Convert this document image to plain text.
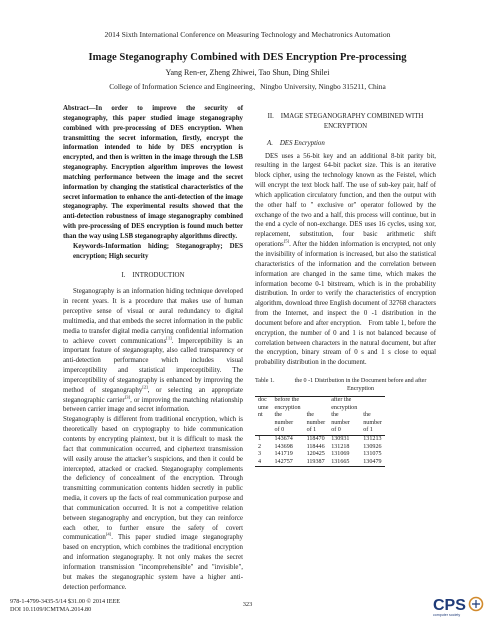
2014 Sixth International Conference on Measuring Technology and Mechatronics Automation
Image Steganography Combined with DES Encryption Pre-processing
Yang Ren-er, Zheng Zhiwei, Tao Shun, Ding Shilei
College of Information Science and Engineering、Ningbo University, Ningbo 315211, China

Abstract—In order to improve the security of steganography, this paper studied image steganography combined with pre-processing of DES encryption. When transmitting the secret information, firstly, encrypt the information intended to hide by DES encryption is encrypted, and then is written in the image through the LSB steganography. Encryption algorithm improves the lowest matching performance between the image and the secret information by changing the statistical characteristics of the secret information to enhance the anti-detection of the image steganography. The experimental results showed that the anti-detection robustness of image steganography combined with pre-processing of DES encryption is found much better than the way using LSB steganography algorithms directly.

Keywords-Information hiding; Steganography; DES encryption; High security

I. INTRODUCTION

Steganography is an information hiding technique developed in recent years. It is a procedure that makes use of human perceptive sense of visual or aural redundancy to digital multimedia, and that embeds the secret information in the public media to transfer digital media carrying confidential information to achieve covert communications[1]. Imperceptibility is an important feature of steganography, also called transparency or anti-detection performance which includes visual imperceptibility and statistical imperceptibility. The imperceptibility of steganography is enhanced by improving the method of steganography[2], or selecting an appropriate steganographic carrier[3], or improving the matching relationship between carrier image and secret information.

Steganography is different from traditional encryption, which is theoretically based on cryptography to hide communication contents by encrypting plaintext, but it is difficult to mask the fact that communication occurred, and ciphertext transmission will easily arouse the attacker’s suspicions, and then it could be intercepted, attacked or cracked. Steganography complements the deficiency of concealment of the encryption. Through transmitting communication contents hidden secretly in public media, it covers up the facts of real communication purpose and that communication occurred. It is not a competitive relation between steganography and encryption, but they can reinforce each other, to further ensure the safety of covert communication[4]. This paper studied image steganography based on encryption, which combines the traditional encryption and information steganography. It not only makes the secret information transmission "incomprehensible" and "invisible", but makes the steganographic system have a higher anti-detection performance.

II. IMAGE STEGANOGRAPHY COMBINED WITH
ENCRYPTION
A. DES Encryption

DES uses a 56-bit key and an additional 8-bit parity bit, resulting in the largest 64-bit packet size. This is an iterative block cipher, using the technology known as the Feistel, which will encrypt the text block half. The use of sub-key pair, half of which application circulatory function, and then the output with the other half to " exclusive or" operator followed by the exchange of the two and a half, this process will continue, but in the end a cycle of non-exchange. DES uses 16 cycles, using xor, replacement, substitution, four basic arithmetic shift operations[5]. After the hidden information is encrypted, not only the invisibility of information is increased, but also the statistical characteristics of the information and the correlation between information are changed in the same time, which makes the information become 0-1 bitstream, which is in the probability distribution. In order to verify the characteristics of encryption algorithm, download three English document of 32768 characters from the Internet, and inspect the 0 -1 distribution in the document before and after encryption. From table 1, before the encryption, the number of 0 and 1 is not balanced because of correlation between characters in the natural document, but after the encryption, binary stream of 0 s and 1 s close to equal probability distribution in the document.

Table 1.	the 0 -1 Distribution in the Document before and after
Encryption
doc	before the		after the	
ume	encryption		encryption	
nt	the	the	the	the
	number	number	number	number
	of 0	of 1	of 0	of 1
1	143674	118470	130931	131213
2	143698	118446	131218	130926
3	141719	120425	131069	131075
4	142757	119387	131665	130479
978-1-4799-3435-5/14 $31.00 © 2014 IEEE
DOI 10.1109/ICMTMA.2014.80
323	CPS
computer society
